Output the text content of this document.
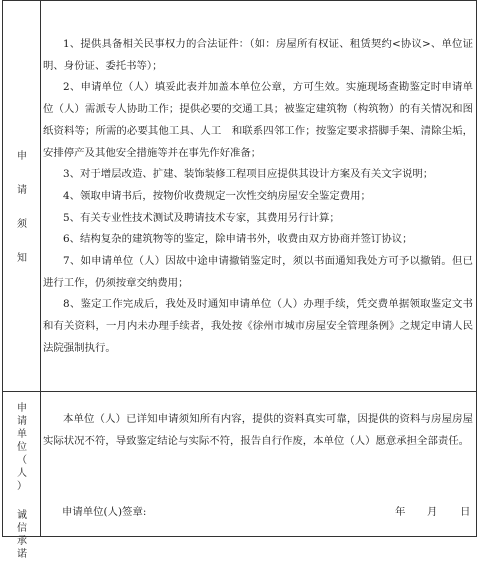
申
请
须
知

1、提供具备相关民事权力的合法证件：（如：房屋所有权证、租赁契约<协议>、单位证明、身份证、委托书等）；

2、申请单位（人）填妥此表并加盖本单位公章，方可生效。实施现场查勘鉴定时申请单位（人）需派专人协助工作；提供必要的交通工具；被鉴定建筑物（构筑物）的有关情况和图纸资料等；所需的必要其他工具、人工　和联系四邻工作；按鉴定要求搭脚手架、清除尘垢，安排停产及其他安全措施等并在事先作好准备；

3、对于增层改造、扩建、装饰装修工程项目应提供其设计方案及有关文字说明；

4、领取申请书后，按物价收费规定一次性交纳房屋安全鉴定费用；

5、有关专业性技术测试及聘请技术专家，其费用另行计算；

6、结构复杂的建筑物等的鉴定，除申请书外，收费由双方协商并签订协议；

7、如申请单位（人）因故中途申请撤销鉴定时，须以书面通知我处方可予以撤销。但已进行工作，仍须按章交纳费用；

8、鉴定工作完成后，我处及时通知申请单位（人）办理手续，凭交费单据领取鉴定文书和有关资料，一月内未办理手续者，我处按《徐州市城市房屋安全管理条例》之规定申请人民法院强制执行。

申
请
单
位
（
人
）
诚
信
承
诺

本单位（人）已详知申请须知所有内容，提供的资料真实可靠，因提供的资料与房屋房屋实际状况不符，导致鉴定结论与实际不符，报告自行作废，本单位（人）愿意承担全部责任。

申请单位(人)签章:	年 月 日
